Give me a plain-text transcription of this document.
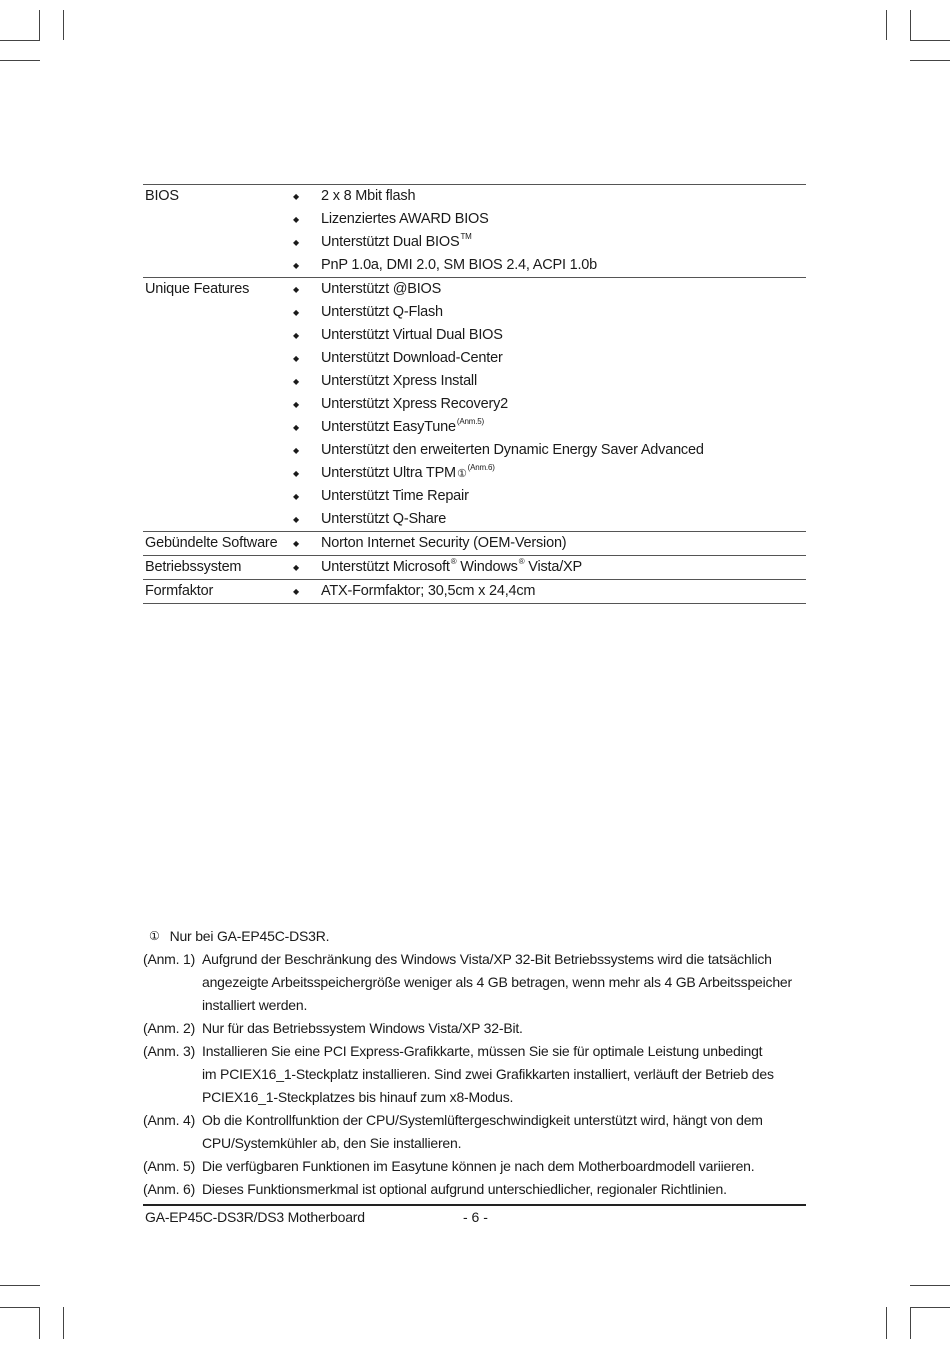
BIOS	◆ 2 x 8 Mbit flash
◆ Lizenziertes AWARD BIOS
◆ Unterstützt Dual BIOS™
◆ PnP 1.0a, DMI 2.0, SM BIOS 2.4, ACPI 1.0b
Unique Features	◆ Unterstützt @BIOS
◆ Unterstützt Q-Flash
◆ Unterstützt Virtual Dual BIOS
◆ Unterstützt Download-Center
◆ Unterstützt Xpress Install
◆ Unterstützt Xpress Recovery2
◆ Unterstützt EasyTune$^{(Anm.5)}$
◆ Unterstützt den erweiterten Dynamic Energy Saver Advanced
◆ Unterstützt Ultra TPM①$^{(Anm.6)}$
◆ Unterstützt Time Repair
◆ Unterstützt Q-Share
Gebündelte Software ◆ Norton Internet Security (OEM-Version)
Betriebssystem	◆ Unterstützt Microsoft® Windows® Vista/XP
Formfaktor	◆ ATX-Formfaktor; 30,5cm x 24,4cm
① Nur bei GA-EP45C-DS3R.
(Anm. 1) Aufgrund der Beschränkung des Windows Vista/XP 32-Bit Betriebssystems wird die tatsächlich
angezeigte Arbeitsspeichergröße weniger als 4 GB betragen, wenn mehr als 4 GB Arbeitsspeicher
installiert werden.
(Anm. 2) Nur für das Betriebssystem Windows Vista/XP 32-Bit.
(Anm. 3) Installieren Sie eine PCI Express-Grafikkarte, müssen Sie sie für optimale Leistung unbedingt
im PCIEX16_1-Steckplatz installieren. Sind zwei Grafikkarten installiert, verläuft der Betrieb des
PCIEX16_1-Steckplatzes bis hinauf zum x8-Modus.
(Anm. 4) Ob die Kontrollfunktion der CPU/Systemlüftergeschwindigkeit unterstützt wird, hängt von dem
CPU/Systemkühler ab, den Sie installieren.
(Anm. 5) Die verfügbaren Funktionen im Easytune können je nach dem Motherboardmodell variieren.
(Anm. 6) Dieses Funktionsmerkmal ist optional aufgrund unterschiedlicher, regionaler Richtlinien.
GA-EP45C-DS3R/DS3 Motherboard	- 6 -
